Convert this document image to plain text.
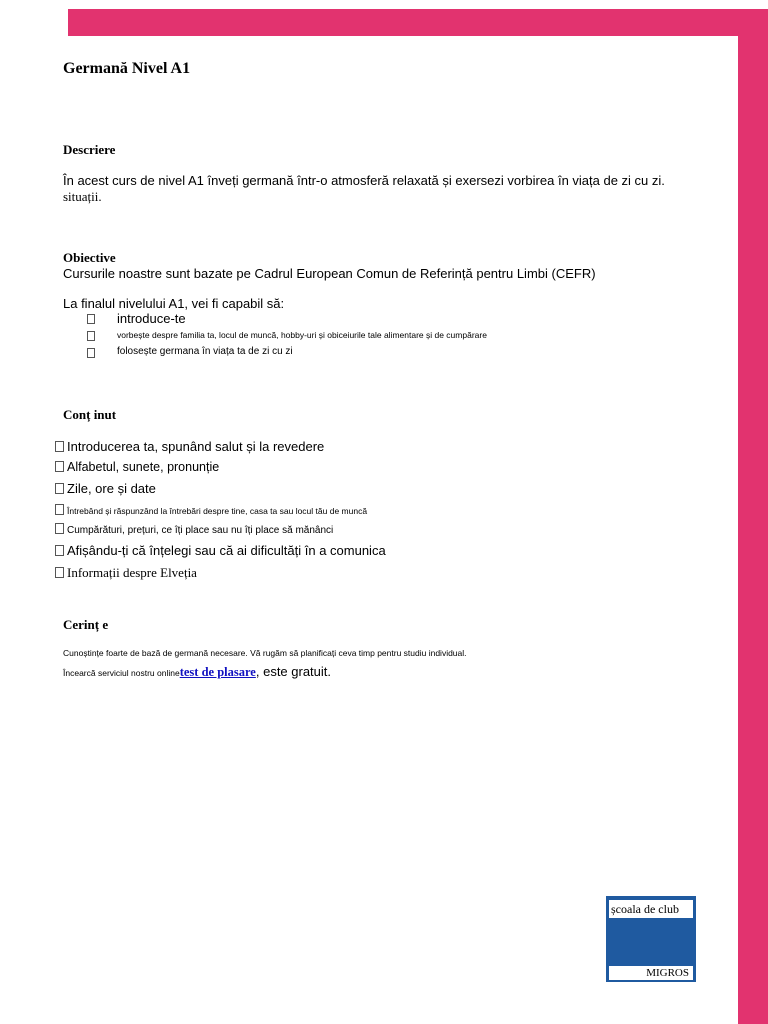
Germană Nivel A1
Descriere
În acest curs de nivel A1 înveți germană într-o atmosferă relaxată și exersezi vorbirea în viața de zi cu zi.
situații.
Obiective
Cursurile noastre sunt bazate pe Cadrul European Comun de Referință pentru Limbi (CEFR)
La finalul nivelului A1, vei fi capabil să:
introduce-te
vorbește despre familia ta, locul de muncă, hobby-uri și obiceiurile tale alimentare și de cumpărare
folosește germana în viața ta de zi cu zi
Conț inut
Introducerea ta, spunând salut și la revedere
Alfabetul, sunete, pronunție
Zile, ore și date
Întrebând și răspunzând la întrebări despre tine, casa ta sau locul tău de muncă
Cumpărături, prețuri, ce îți place sau nu îți place să mănânci
Afișându-ți că înțelegi sau că ai dificultăți în a comunica
Informații despre Elveția
Cerinț e
Cunoștințe foarte de bază de germană necesare. Vă rugăm să planificați ceva timp pentru studiu individual.
Încearcă serviciul nostru onlinetest de plasare, este gratuit.
școala de club
MIGROS
